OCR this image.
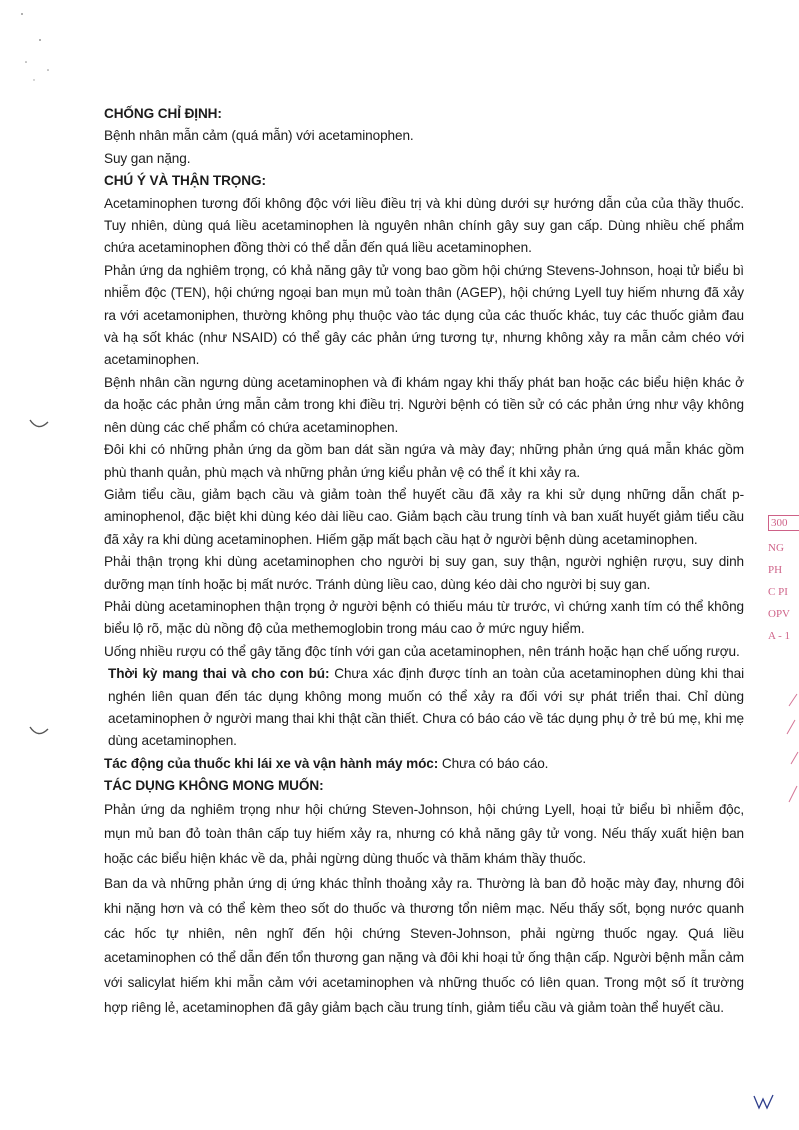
CHỐNG CHỈ ĐỊNH:
Bệnh nhân mẫn cảm (quá mẫn) với acetaminophen.
Suy gan nặng.
CHÚ Ý VÀ THẬN TRỌNG:

Acetaminophen tương đối không độc với liều điều trị và khi dùng dưới sự hướng dẫn của của thầy thuốc. Tuy nhiên, dùng quá liều acetaminophen là nguyên nhân chính gây suy gan cấp. Dùng nhiều chế phẩm chứa acetaminophen đồng thời có thể dẫn đến quá liều acetaminophen.

Phản ứng da nghiêm trọng, có khả năng gây tử vong bao gồm hội chứng Stevens-Johnson, hoại tử biểu bì nhiễm độc (TEN), hội chứng ngoại ban mụn mủ toàn thân (AGEP), hội chứng Lyell tuy hiếm nhưng đã xảy ra với acetamoniphen, thường không phụ thuộc vào tác dụng của các thuốc khác, tuy các thuốc giảm đau và hạ sốt khác (như NSAID) có thể gây các phản ứng tương tự, nhưng không xảy ra mẫn cảm chéo với acetaminophen.

Bệnh nhân cần ngưng dùng acetaminophen và đi khám ngay khi thấy phát ban hoặc các biểu hiện khác ở da hoặc các phản ứng mẫn cảm trong khi điều trị. Người bệnh có tiền sử có các phản ứng như vậy không nên dùng các chế phẩm có chứa acetaminophen.

Đôi khi có những phản ứng da gồm ban dát sần ngứa và mày đay; những phản ứng quá mẫn khác gồm phù thanh quản, phù mạch và những phản ứng kiểu phản vệ có thể ít khi xảy ra.

Giảm tiểu cầu, giảm bạch cầu và giảm toàn thể huyết cầu đã xảy ra khi sử dụng những dẫn chất p-aminophenol, đặc biệt khi dùng kéo dài liều cao. Giảm bạch cầu trung tính và ban xuất huyết giảm tiểu cầu đã xảy ra khi dùng acetaminophen. Hiếm gặp mất bạch cầu hạt ở người bệnh dùng acetaminophen.

Phải thận trọng khi dùng acetaminophen cho người bị suy gan, suy thận, người nghiện rượu, suy dinh dưỡng mạn tính hoặc bị mất nước. Tránh dùng liều cao, dùng kéo dài cho người bị suy gan.

Phải dùng acetaminophen thận trọng ở người bệnh có thiếu máu từ trước, vì chứng xanh tím có thể không biểu lộ rõ, mặc dù nồng độ của methemoglobin trong máu cao ở mức nguy hiểm.

Uống nhiều rượu có thể gây tăng độc tính với gan của acetaminophen, nên tránh hoặc hạn chế uống rượu.

Thời kỳ mang thai và cho con bú: Chưa xác định được tính an toàn của acetaminophen dùng khi thai nghén liên quan đến tác dụng không mong muốn có thể xảy ra đối với sự phát triển thai. Chỉ dùng acetaminophen ở người mang thai khi thật cần thiết. Chưa có báo cáo về tác dụng phụ ở trẻ bú mẹ, khi mẹ dùng acetaminophen.

Tác động của thuốc khi lái xe và vận hành máy móc: Chưa có báo cáo.

TÁC DỤNG KHÔNG MONG MUỐN:

Phản ứng da nghiêm trọng như hội chứng Steven-Johnson, hội chứng Lyell, hoại tử biểu bì nhiễm độc, mụn mủ ban đỏ toàn thân cấp tuy hiếm xảy ra, nhưng có khả năng gây tử vong. Nếu thấy xuất hiện ban hoặc các biểu hiện khác về da, phải ngừng dùng thuốc và thăm khám thầy thuốc.

Ban da và những phản ứng dị ứng khác thỉnh thoảng xảy ra. Thường là ban đỏ hoặc mày đay, nhưng đôi khi nặng hơn và có thể kèm theo sốt do thuốc và thương tổn niêm mạc. Nếu thấy sốt, bọng nước quanh các hốc tự nhiên, nên nghĩ đến hội chứng Steven-Johnson, phải ngừng thuốc ngay. Quá liều acetaminophen có thể dẫn đến tổn thương gan nặng và đôi khi hoại tử ống thận cấp. Người bệnh mẫn cảm với salicylat hiếm khi mẫn cảm với acetaminophen và những thuốc có liên quan. Trong một số ít trường hợp riêng lẻ, acetaminophen đã gây giảm bạch cầu trung tính, giảm tiểu cầu và giảm toàn thể huyết cầu.

300
NG
PH
C PI
OPV
A - 1
